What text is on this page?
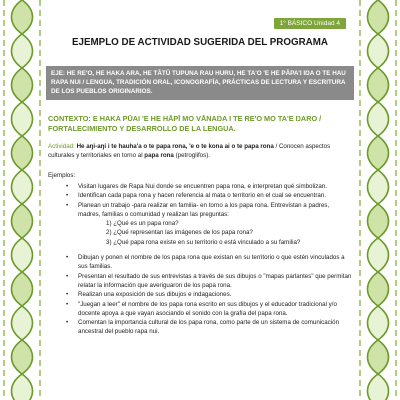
1° BÁSICO Unidad 4
EJEMPLO DE ACTIVIDAD SUGERIDA DEL PROGRAMA
EJE: HE RE'O, HE HAKA ARA, HE TĀTŪ TUPUNA RAU HURU, HE TA'O 'E HE PĀPA'I IŊA O TE HAU RAPA NUI / LENGUA, TRADICIÓN ORAL, ICONOGRAFÍA, PRÁCTICAS DE LECTURA Y ESCRITURA DE LOS PUEBLOS ORIGINARIOS.
CONTEXTO: E HAKA PŪAI 'E HE HĀPĪ MO VĀNAŊA I TE RE'O MO TA'E ŊARO / FORTALECIMIENTO Y DESARROLLO DE LA LENGUA.
Actividad: He aŋi-aŋi i te hauha'a o te papa rona, 'e o te kona ai o te papa rona / Conocen aspectos culturales y territoriales en torno al papa rona (petroglifos).
Ejemplos:
• Visitan lugares de Rapa Nui donde se encuentren papa rona, e interpretan qué simbolizan.
• Identifican cada papa rona y hacen referencia al mata o territorio en el cual se encuentran.
• Planean un trabajo -para realizar en familia- en torno a los papa rona. Entrevistan a padres, madres, familias o comunidad y realizan las preguntas:
1) ¿Qué es un papa rona?
2) ¿Qué representan las imágenes de los papa rona?
3) ¿Qué papa rona existe en su territorio o está vinculado a su familia?
• Dibujan y ponen el nombre de los papa rona que existan en su territorio o que estén vinculados a sus familias.
• Presentan el resultado de sus entrevistas a través de sus dibujos o "mapas parlantes" que permitan relatar la información que averiguaron de los papa rona.
• Realizan una exposición de sus dibujos e indagaciones.
• "Juegan a leer" el nombre de los papa rona escrito en sus dibujos y el educador tradicional y/o docente apoya a que vayan asociando el sonido con la grafía del papa rona.
• Comentan la importancia cultural de los papa rona, como parte de un sistema de comunicación ancestral del pueblo rapa nui.
